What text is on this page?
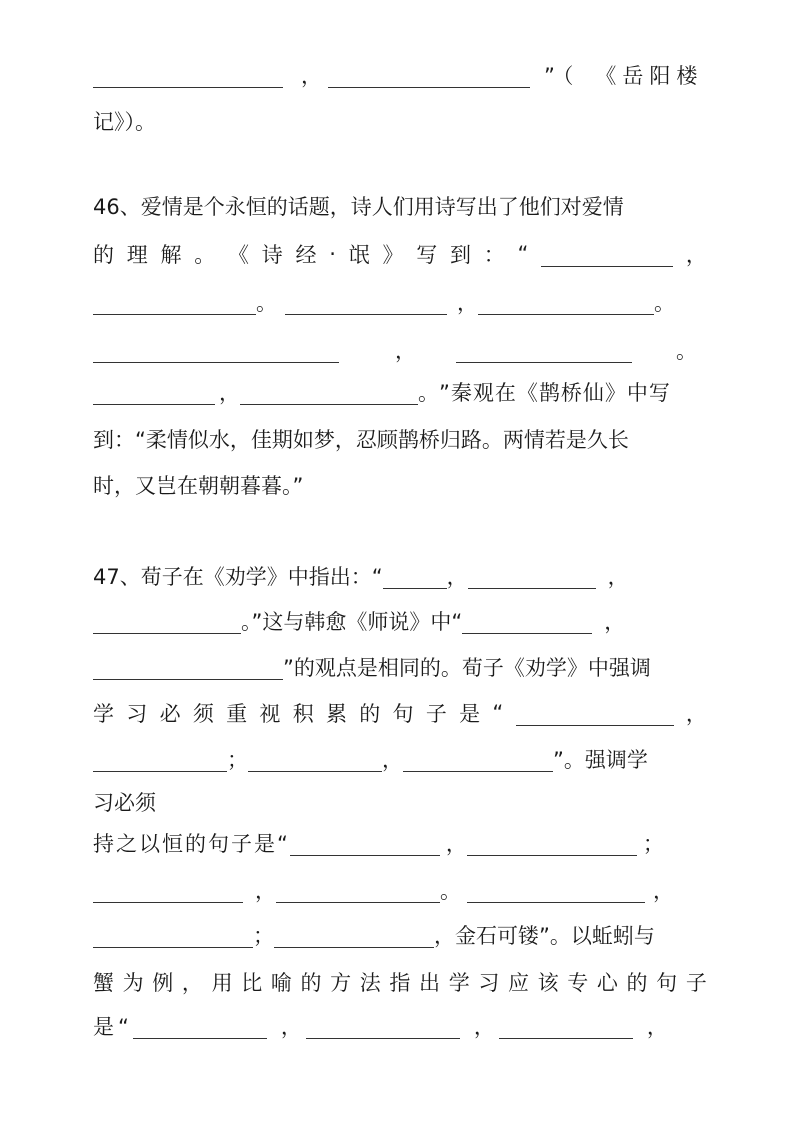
，	”（ 《岳阳楼
记》）。
46、爱情是个永恒的话题，诗人们用诗写出了他们对爱情
的 理 解 。 《 诗 经 · 氓 》 写 到 ： “	，
。	，	。
，	。
，	。 ”秦观在《鹊桥仙》中写
到：“柔情似水，佳期如梦，忍顾鹊桥归路。两情若是久长
时，又岂在朝朝暮暮。”
47、荀子在《劝学》中指出：“	，	，
。”这与韩愈《师说》中“	，
”的观点是相同的。荀子《劝学》中强调
学 习 必 须 重 视 积 累 的 句 子 是 “	，
；	，	”。强调学
习必须
持之以恒的句子是“	，	；
，	。	，
；	，金石可镂”。以蚯蚓与
蟹 为 例 ， 用 比 喻 的 方 法 指 出 学 习 应 该 专 心 的 句 子
是“	，	，	，
